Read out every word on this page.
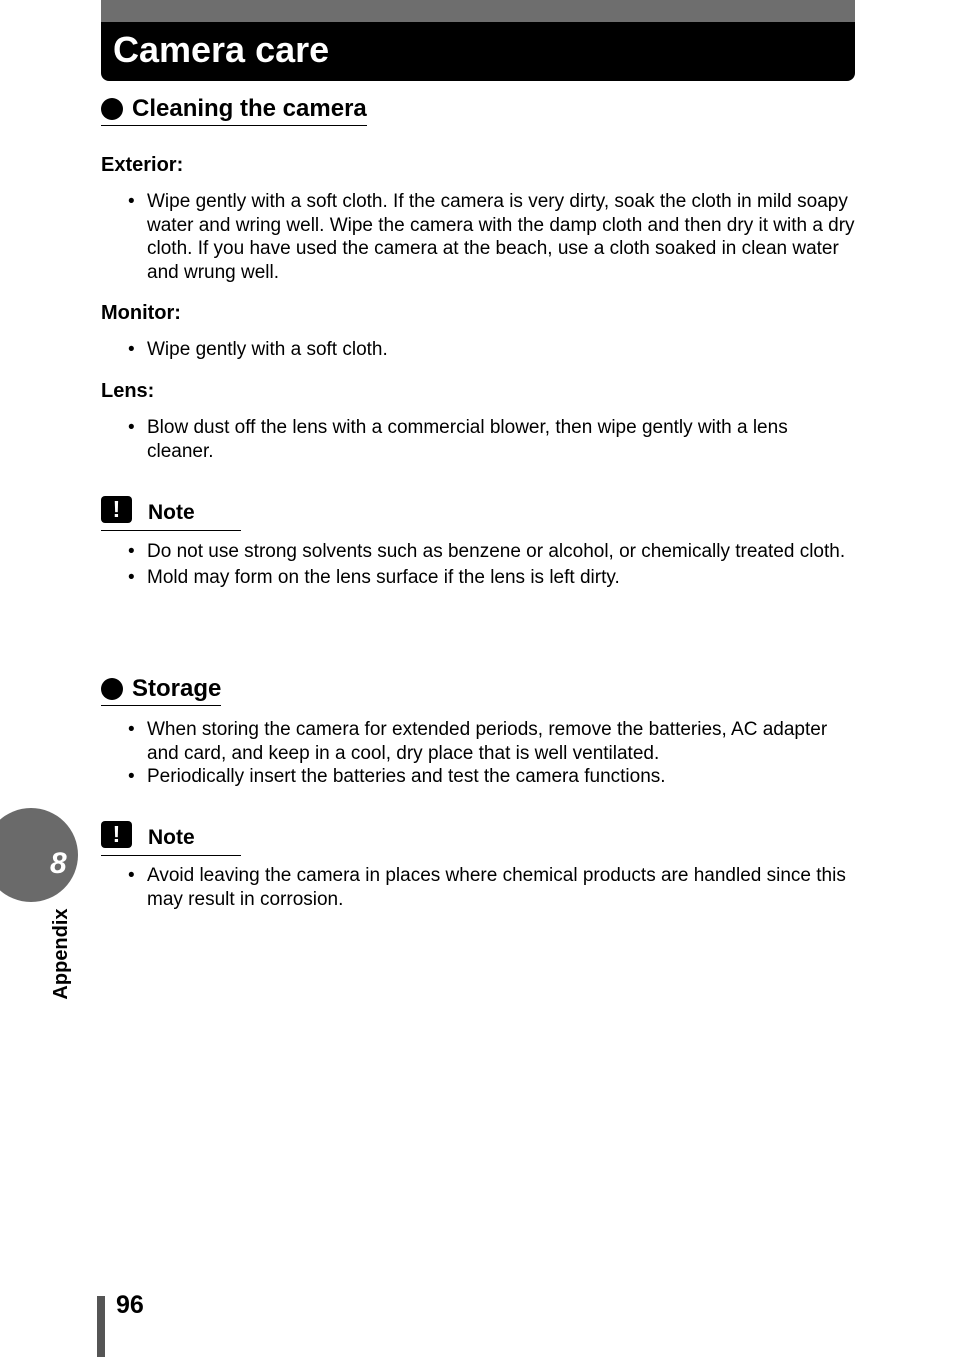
Camera care
Cleaning the camera
Exterior:
• Wipe gently with a soft cloth. If the camera is very dirty, soak the cloth in mild soapy water and wring well. Wipe the camera with the damp cloth and then dry it with a dry cloth. If you have used the camera at the beach, use a cloth soaked in clean water and wrung well.
Monitor:
• Wipe gently with a soft cloth.
Lens:
• Blow dust off the lens with a commercial blower, then wipe gently with a lens cleaner.
!	Note
• Do not use strong solvents such as benzene or alcohol, or chemically treated cloth.
• Mold may form on the lens surface if the lens is left dirty.
Storage
• When storing the camera for extended periods, remove the batteries, AC adapter and card, and keep in a cool, dry place that is well ventilated.
• Periodically insert the batteries and test the camera functions.
!	Note
• Avoid leaving the camera in places where chemical products are handled since this may result in corrosion.
8
Appendix
96
